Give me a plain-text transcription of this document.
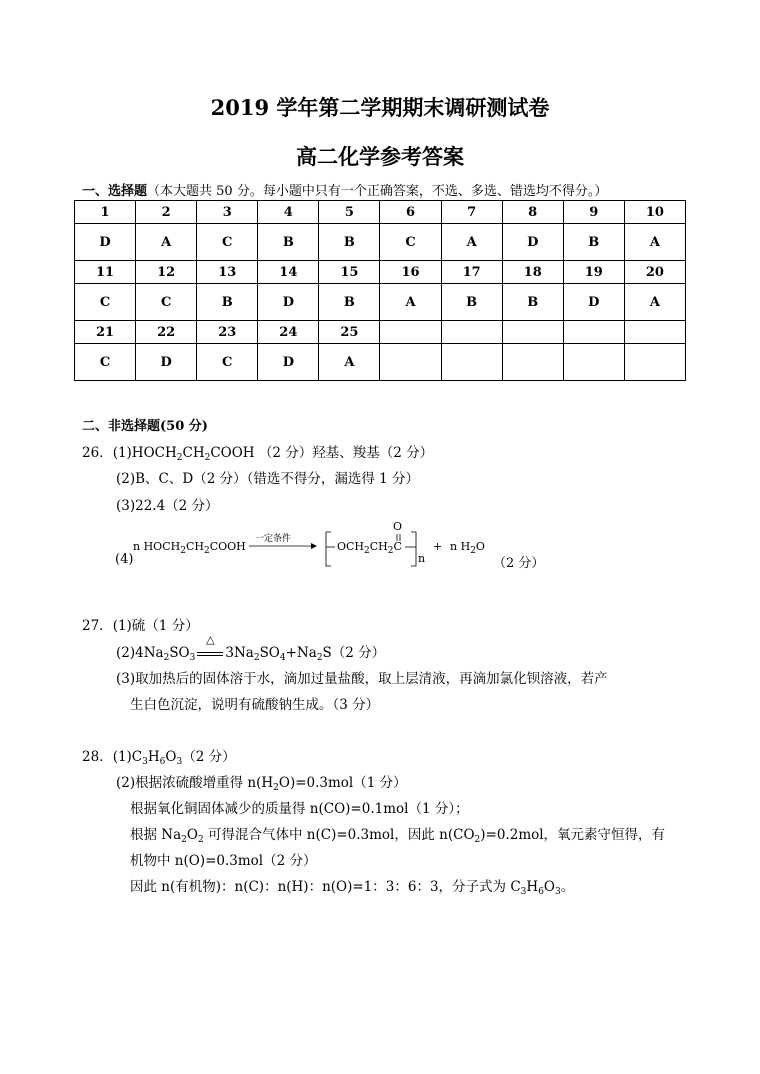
2019 学年第二学期期末调研测试卷
高二化学参考答案
一、选择题（本大题共 50 分。每小题中只有一个正确答案，不选、多选、错选均不得分。）
1	2	3	4	5	6	7	8	9	10
D	A	C	B	B	C	A	D	B	A
11	12	13	14	15	16	17	18	19	20
C	C	B	D	B	A	B	B	D	A
21	22	23	24	25					
C	D	C	D	A					
二、非选择题(50 分)
26．$(1)HOCH_2CH_2COOH$ （2 分）羟基、羧基（2 分）
(2)B、C、D（2 分）（错选不得分，漏选得 1 分）
(3)22.4（2 分）
(4)
n $HOCH_2CH_2COOH$
一定条件
O
$OCH_2CH_2C$
n
+ n $H_2O$
（2 分）
27．(1)硫（1 分）
$(2)4Na_2SO_3$
△
$3Na_2SO_4+Na_2S(2$ 分）
(3)取加热后的固体溶于水，滴加过量盐酸，取上层清液，再滴加氯化钡溶液，若产
生白色沉淀，说明有硫酸钠生成。（3 分）
28．$(1)C_3H_6O_3(2$ 分）
(2)根据浓硫酸增重得 $n(H_2O)=0.3mol(1$ 分）
根据氧化铜固体减少的质量得 n(CO)=0.1mol（1 分）；
根据 $Na_2O_2$ 可得混合气体中 n(C)=0.3mol，因此 $n(CO_2)=0.2mol$，氧元素守恒得，有
机物中 n(O)=0.3mol（2 分）
因此 n(有机物)：n(C)：n(H)：n(O)=1：3：6：3，分子式为 $C_3H_6O_3$。
